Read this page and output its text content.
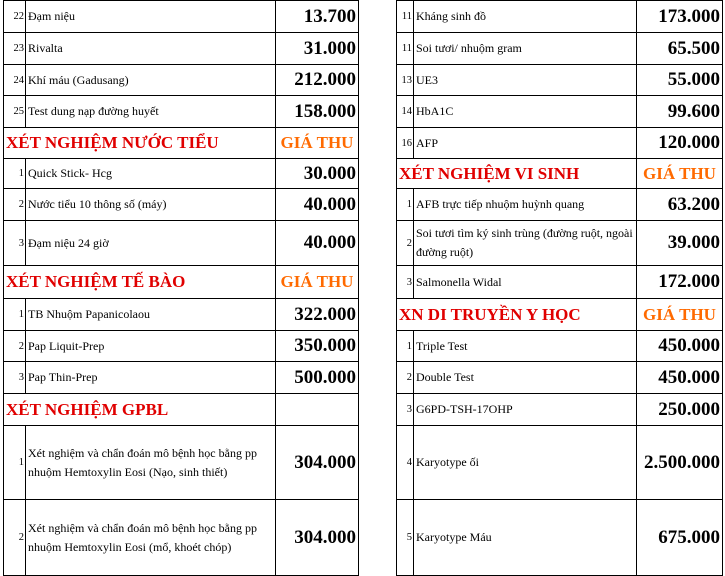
22	Đạm niệu	13.700
23	Rivalta	31.000
24	Khí máu (Gadusang)	212.000
25	Test dung nạp đường huyết	158.000
XÉT NGHIỆM NƯỚC TIỂU		GIÁ THU
1	Quick Stick- Hcg	30.000
2	Nước tiểu 10 thông số (máy)	40.000
3	Đạm niệu 24 giờ	40.000
XÉT NGHIỆM TẾ BÀO		GIÁ THU
1	TB Nhuộm Papanicolaou	322.000
2	Pap Liquit-Prep	350.000
3	Pap Thin-Prep	500.000
XÉT NGHIỆM GPBL		
1	Xét nghiệm và chẩn đoán mô bệnh học bằng pp nhuộm Hemtoxylin Eosi (Nạo, sinh thiết)	304.000
2	Xét nghiệm và chẩn đoán mô bệnh học bằng pp nhuộm Hemtoxylin Eosi (mổ, khoét chóp)	304.000
11	Kháng sinh đồ	173.000
11	Soi tươi/ nhuộm gram	65.500
13	UE3	55.000
14	HbA1C	99.600
16	AFP	120.000
XÉT NGHIỆM VI SINH		GIÁ THU
1	AFB trực tiếp nhuộm huỳnh quang	63.200
2	Soi tươi tìm ký sinh trùng (đường ruột, ngoài đường ruột)	39.000
3	Salmonella Widal	172.000
XN DI TRUYỀN Y HỌC		GIÁ THU
1	Triple Test	450.000
2	Double Test	450.000
3	G6PD-TSH-17OHP	250.000
4	Karyotype ối	2.500.000
5	Karyotype Máu	675.000
